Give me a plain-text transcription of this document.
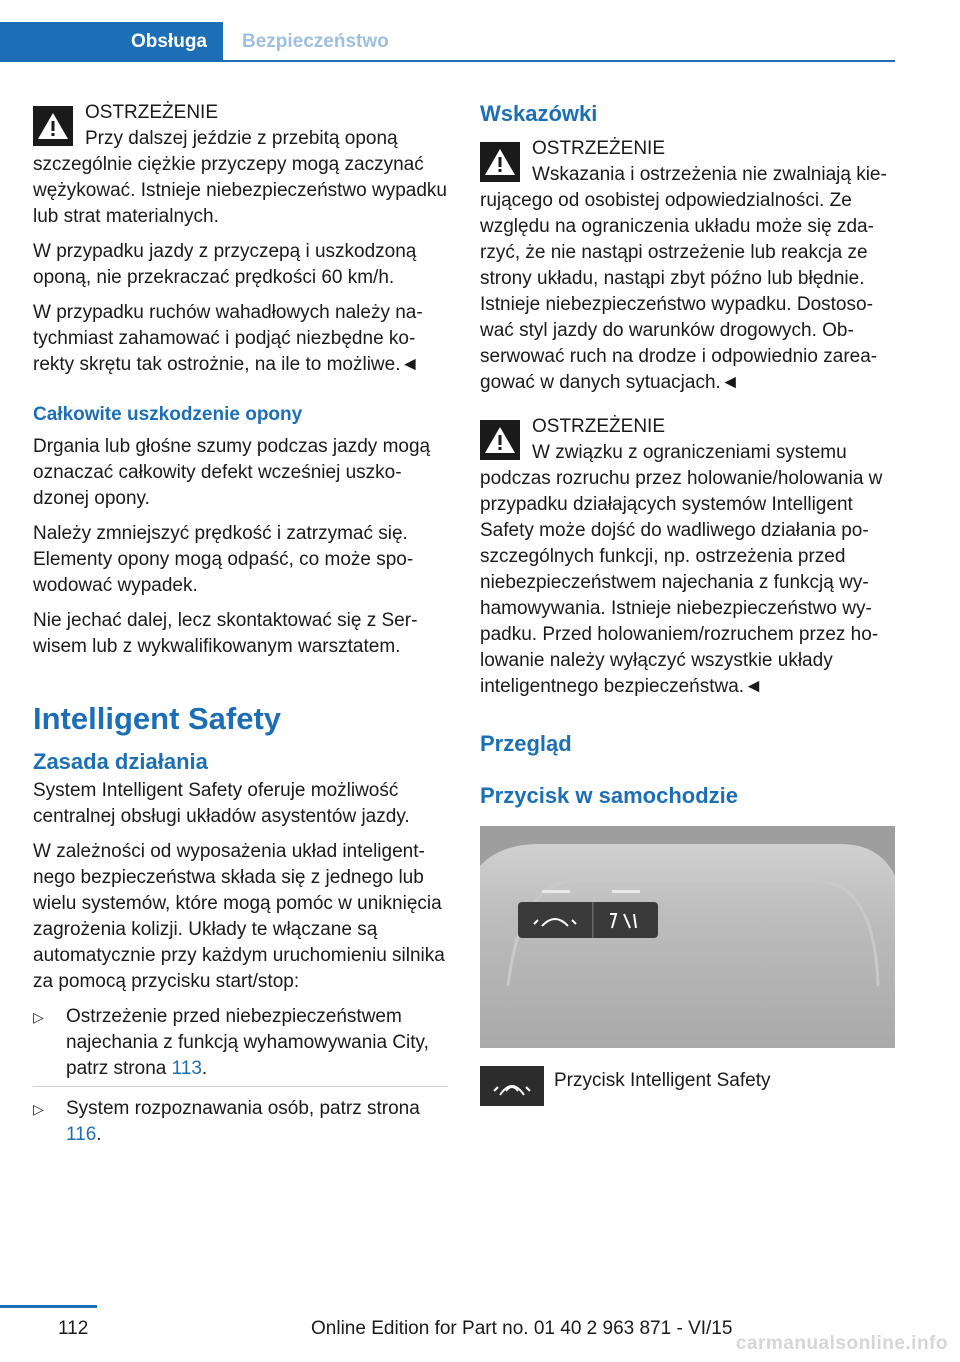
Obsługa	Bezpieczeństwo

OSTRZEŻENIE

Przy dalszej jeździe z przebitą oponą szczególnie ciężkie przyczepy mogą zaczynać wężykować. Istnieje niebezpieczeństwo wypadku lub strat materialnych.

W przypadku jazdy z przyczepą i uszkodzoną oponą, nie przekraczać prędkości 60 km/h.

W przypadku ruchów wahadłowych należy natychmiast zahamować i podjąć niezbędne korekty skrętu tak ostrożnie, na ile to możliwe.◄

Całkowite uszkodzenie opony

Drgania lub głośne szumy podczas jazdy mogą oznaczać całkowity defekt wcześniej uszkodzonej opony.

Należy zmniejszyć prędkość i zatrzymać się. Elementy opony mogą odpaść, co może spowodować wypadek.

Nie jechać dalej, lecz skontaktować się z Serwisem lub z wykwalifikowanym warsztatem.

Intelligent Safety
Zasada działania

System Intelligent Safety oferuje możliwość centralnej obsługi układów asystentów jazdy.

W zależności od wyposażenia układ inteligentnego bezpieczeństwa składa się z jednego lub wielu systemów, które mogą pomóc w uniknięcia zagrożenia kolizji. Układy te włączane są automatycznie przy każdym uruchomieniu silnika za pomocą przycisku start/stop:

▷ Ostrzeżenie przed niebezpieczeństwem najechania z funkcją wyhamowywania City, patrz strona 113.
▷ System rozpoznawania osób, patrz strona 116.
Wskazówki

OSTRZEŻENIE

Wskazania i ostrzeżenia nie zwalniają kierującego od osobistej odpowiedzialności. Ze względu na ograniczenia układu może się zdarzyć, że nie nastąpi ostrzeżenie lub reakcja ze strony układu, nastąpi zbyt późno lub błędnie. Istnieje niebezpieczeństwo wypadku. Dostosować styl jazdy do warunków drogowych. Obserwować ruch na drodze i odpowiednio zareagować w danych sytuacjach.◄

OSTRZEŻENIE

W związku z ograniczeniami systemu podczas rozruchu przez holowanie/holowania w przypadku działających systemów Intelligent Safety może dojść do wadliwego działania poszczególnych funkcji, np. ostrzeżenia przed niebezpieczeństwem najechania z funkcją wyhamowywania. Istnieje niebezpieczeństwo wypadku. Przed holowaniem/rozruchem przez holowanie należy wyłączyć wszystkie układy inteligentnego bezpieczeństwa.◄

Przegląd
Przycisk w samochodzie
Przycisk Intelligent Safety
112	Online Edition for Part no. 01 40 2 963 871 - VI/15
carmanualsonline.info
